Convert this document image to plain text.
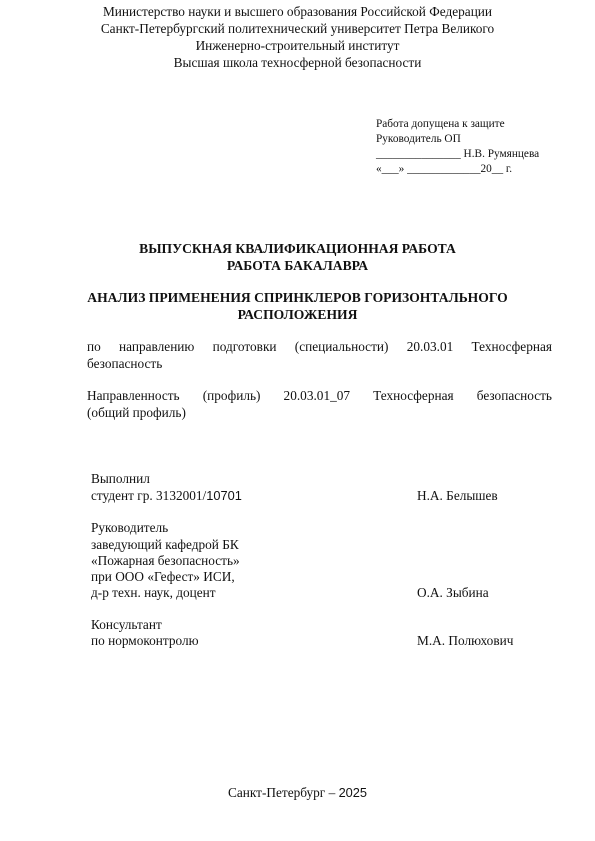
Министерство науки и высшего образования Российской Федерации
Санкт-Петербургский политехнический университет Петра Великого
Инженерно-строительный институт
Высшая школа техносферной безопасности
Работа допущена к защите
Руководитель ОП
_______________ Н.В. Румянцева
«___» _____________20__ г.
ВЫПУСКНАЯ КВАЛИФИКАЦИОННАЯ РАБОТА
РАБОТА БАКАЛАВРА
АНАЛИЗ ПРИМЕНЕНИЯ СПРИНКЛЕРОВ ГОРИЗОНТАЛЬНОГО
РАСПОЛОЖЕНИЯ
по направлению подготовки (специальности) 20.03.01 Техносферная
безопасность
Направленность (профиль) 20.03.01_07 Техносферная безопасность
(общий профиль)
Выполнил
студент гр. 3132001/10701	Н.А. Белышев
Руководитель
заведующий кафедрой БК
«Пожарная безопасность»
при ООО «Гефест» ИСИ,
д-р техн. наук, доцент	О.А. Зыбина
Консультант
по нормоконтролю	М.А. Полюхович
Санкт-Петербург – 2025
